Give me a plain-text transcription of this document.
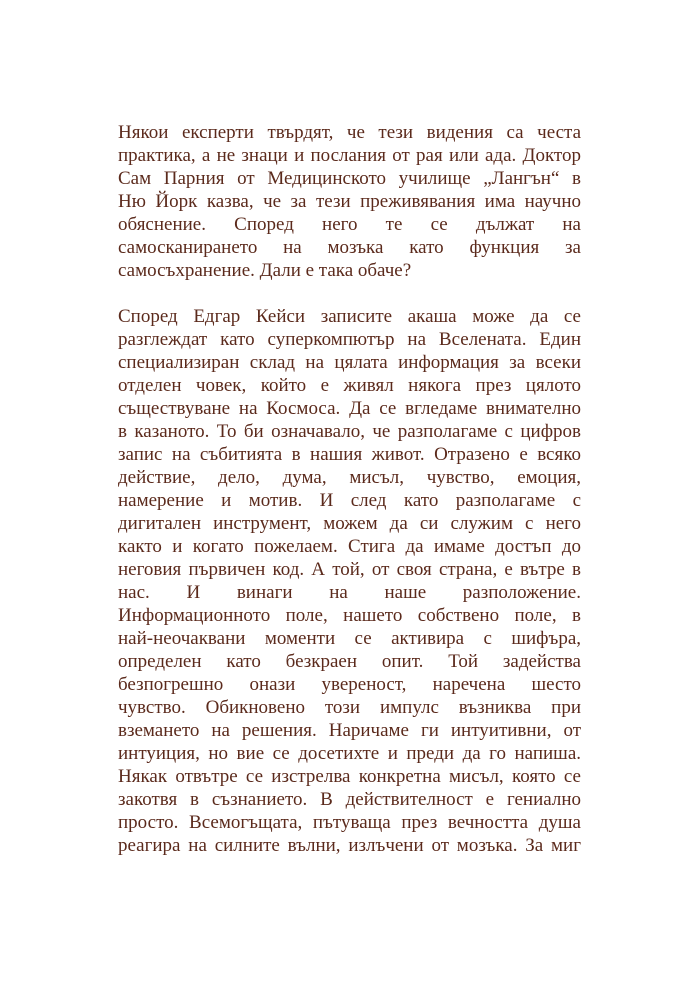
Някои експерти твърдят, че тези видения са честа
практика, а не знаци и послания от рая или ада. Доктор
Сам Парния от Медицинското училище „Лангън“ в
Ню Йорк казва, че за тези преживявания има научно
обяснение. Според него те се дължат на
самосканирането на мозъка като функция за
самосъхранение. Дали е така обаче?
Според Едгар Кейси записите акаша може да се
разглеждат като суперкомпютър на Вселената. Един
специализиран склад на цялата информация за всеки
отделен човек, който е живял някога през цялото
съществуване на Космоса. Да се вгледаме внимателно
в казаното. То би означавало, че разполагаме с цифров
запис на събитията в нашия живот. Отразено е всяко
действие, дело, дума, мисъл, чувство, емоция,
намерение и мотив. И след като разполагаме с
дигитален инструмент, можем да си служим с него
както и когато пожелаем. Стига да имаме достъп до
неговия първичен код. А той, от своя страна, е вътре в
нас. И винаги на наше разположение.
Информационното поле, нашето собствено поле, в
най-неочаквани моменти се активира с шифъра,
определен като безкраен опит. Той задейства
безпогрешно онази увереност, наречена шесто
чувство. Обикновено този импулс възниква при
вземането на решения. Наричаме ги интуитивни, от
интуиция, но вие се досетихте и преди да го напиша.
Някак отвътре се изстрелва конкретна мисъл, която се
закотвя в съзнанието. В действителност е гениално
просто. Всемогъщата, пътуваща през вечността душа
реагира на силните вълни, излъчени от мозъка. За миг
